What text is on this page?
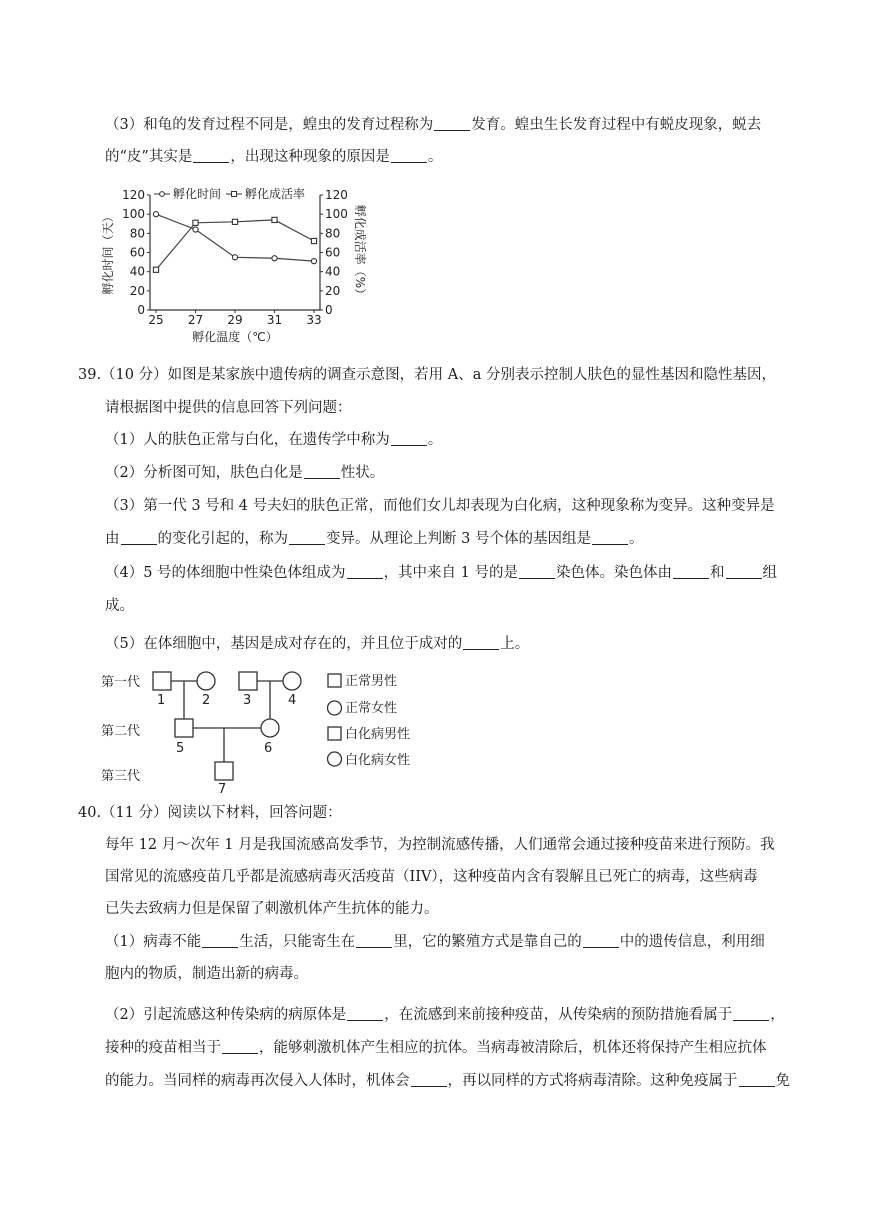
（3）和龟的发育过程不同是，蝗虫的发育过程称为	发育。蝗虫生长发育过程中有蜕皮现象，蜕去
的“皮”其实是	，出现这种现象的原因是	。
39.（10 分）如图是某家族中遗传病的调查示意图，若用 A、a 分别表示控制人肤色的显性基因和隐性基因，
请根据图中提供的信息回答下列问题：
（1）人的肤色正常与白化，在遗传学中称为	。
（2）分析图可知，肤色白化是	性状。
（3）第一代 3 号和 4 号夫妇的肤色正常，而他们女儿却表现为白化病，这种现象称为变异。这种变异是
由	的变化引起的，称为	变异。从理论上判断 3 号个体的基因组是	。
（4）5 号的体细胞中性染色体组成为	，其中来自 1 号的是	染色体。染色体由	和	组
成。
（5）在体细胞中，基因是成对存在的，并且位于成对的	上。
40.（11 分）阅读以下材料，回答问题：
每年 12 月～次年 1 月是我国流感高发季节，为控制流感传播，人们通常会通过接种疫苗来进行预防。我
国常见的流感疫苗几乎都是流感病毒灭活疫苗（IIV），这种疫苗内含有裂解且已死亡的病毒，这些病毒
已失去致病力但是保留了刺激机体产生抗体的能力。
（1）病毒不能	生活，只能寄生在	里，它的繁殖方式是靠自己的	中的遗传信息，利用细
胞内的物质，制造出新的病毒。
（2）引起流感这种传染病的病原体是	，在流感到来前接种疫苗，从传染病的预防措施看属于	，
接种的疫苗相当于	，能够刺激机体产生相应的抗体。当病毒被清除后，机体还将保持产生相应抗体
的能力。当同样的病毒再次侵入人体时，机体会	，再以同样的方式将病毒清除。这种免疫属于	免
0	0
20	20
40	40
60	60
80	80
100	100
120	120
25 27 29 31 33
孵化时间 孵化成活率
孵化温度（℃）
孵化时间（天）	孵化成活率（%）
第一代
第二代
第三代
1	2	3	4
5	6
7
正常男性
正常女性
白化病男性
白化病女性
